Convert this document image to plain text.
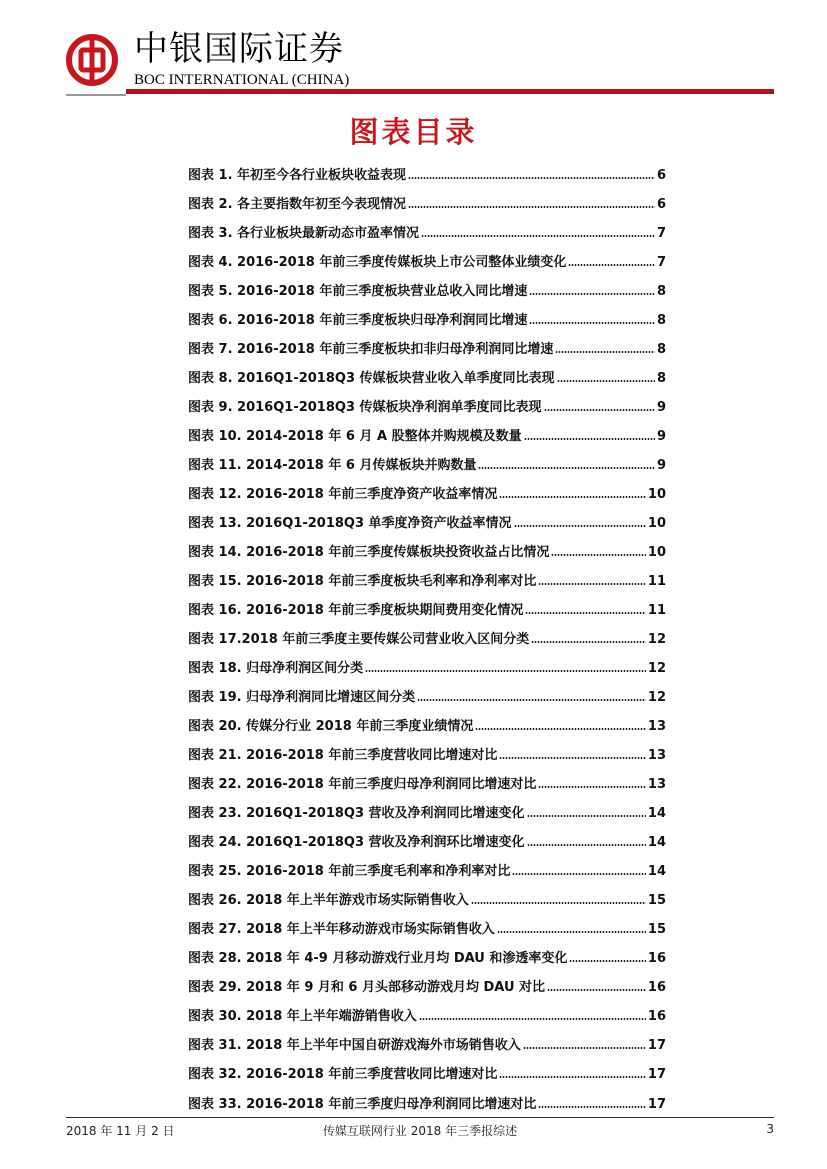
中银国际证券
BOC INTERNATIONAL (CHINA)
图表目录
图表 1. 年初至今各行业板块收益表现	6
图表 2. 各主要指数年初至今表现情况	6
图表 3. 各行业板块最新动态市盈率情况	7
图表 4. 2016-2018 年前三季度传媒板块上市公司整体业绩变化	7
图表 5. 2016-2018 年前三季度板块营业总收入同比增速	8
图表 6. 2016-2018 年前三季度板块归母净利润同比增速	8
图表 7. 2016-2018 年前三季度板块扣非归母净利润同比增速	8
图表 8. 2016Q1-2018Q3 传媒板块营业收入单季度同比表现	8
图表 9. 2016Q1-2018Q3 传媒板块净利润单季度同比表现	9
图表 10. 2014-2018 年 6 月 A 股整体并购规模及数量	9
图表 11. 2014-2018 年 6 月传媒板块并购数量	9
图表 12. 2016-2018 年前三季度净资产收益率情况	10
图表 13. 2016Q1-2018Q3 单季度净资产收益率情况	10
图表 14. 2016-2018 年前三季度传媒板块投资收益占比情况	10
图表 15. 2016-2018 年前三季度板块毛利率和净利率对比	11
图表 16. 2016-2018 年前三季度板块期间费用变化情况	11
图表 17.2018 年前三季度主要传媒公司营业收入区间分类	12
图表 18. 归母净利润区间分类	12
图表 19. 归母净利润同比增速区间分类	12
图表 20. 传媒分行业 2018 年前三季度业绩情况	13
图表 21. 2016-2018 年前三季度营收同比增速对比	13
图表 22. 2016-2018 年前三季度归母净利润同比增速对比	13
图表 23. 2016Q1-2018Q3 营收及净利润同比增速变化	14
图表 24. 2016Q1-2018Q3 营收及净利润环比增速变化	14
图表 25. 2016-2018 年前三季度毛利率和净利率对比	14
图表 26. 2018 年上半年游戏市场实际销售收入	15
图表 27. 2018 年上半年移动游戏市场实际销售收入	15
图表 28. 2018 年 4-9 月移动游戏行业月均 DAU 和渗透率变化	16
图表 29. 2018 年 9 月和 6 月头部移动游戏月均 DAU 对比	16
图表 30. 2018 年上半年端游销售收入	16
图表 31. 2018 年上半年中国自研游戏海外市场销售收入	17
图表 32. 2016-2018 年前三季度营收同比增速对比	17
图表 33. 2016-2018 年前三季度归母净利润同比增速对比	17
2018 年 11 月 2 日	传媒互联网行业 2018 年三季报综述	3
